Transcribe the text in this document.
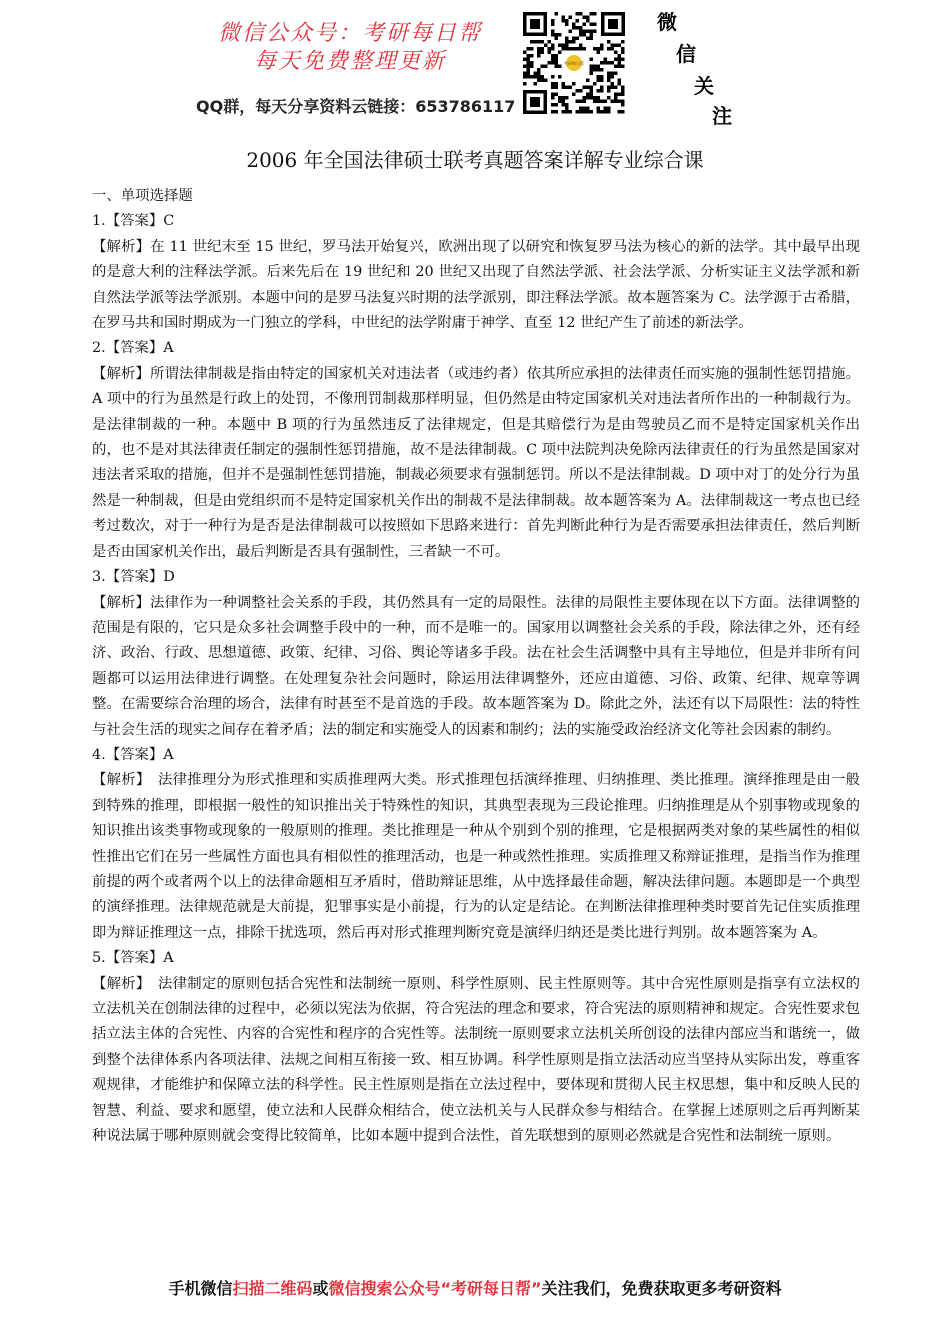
微信公众号：考研每日帮
每天免费整理更新
QQ群，每天分享资料云链接：653786117
考研每日帮
微
信
关
注
2006 年全国法律硕士联考真题答案详解专业综合课

一、单项选择题

1.【答案】C

【解析】在 11 世纪末至 15 世纪，罗马法开始复兴，欧洲出现了以研究和恢复罗马法为核心的新的法学。其中最早出现的是意大利的注释法学派。后来先后在 19 世纪和 20 世纪又出现了自然法学派、社会法学派、分析实证主义法学派和新自然法学派等法学派别。本题中问的是罗马法复兴时期的法学派别，即注释法学派。故本题答案为 C。法学源于古希腊，在罗马共和国时期成为一门独立的学科，中世纪的法学附庸于神学、直至 12 世纪产生了前述的新法学。

2.【答案】A

【解析】所谓法律制裁是指由特定的国家机关对违法者（或违约者）依其所应承担的法律责任而实施的强制性惩罚措施。A 项中的行为虽然是行政上的处罚，不像刑罚制裁那样明显，但仍然是由特定国家机关对违法者所作出的一种制裁行为。是法律制裁的一种。本题中 B 项的行为虽然违反了法律规定，但是其赔偿行为是由驾驶员乙而不是特定国家机关作出的，也不是对其法律责任制定的强制性惩罚措施，故不是法律制裁。C 项中法院判决免除丙法律责任的行为虽然是国家对违法者采取的措施，但并不是强制性惩罚措施，制裁必须要求有强制惩罚。所以不是法律制裁。D 项中对丁的处分行为虽然是一种制裁，但是由党组织而不是特定国家机关作出的制裁不是法律制裁。故本题答案为 A。法律制裁这一考点也已经考过数次，对于一种行为是否是法律制裁可以按照如下思路来进行：首先判断此种行为是否需要承担法律责任，然后判断是否由国家机关作出，最后判断是否具有强制性，三者缺一不可。

3.【答案】D

【解析】法律作为一种调整社会关系的手段，其仍然具有一定的局限性。法律的局限性主要体现在以下方面。法律调整的范围是有限的，它只是众多社会调整手段中的一种，而不是唯一的。国家用以调整社会关系的手段，除法律之外，还有经济、政治、行政、思想道德、政策、纪律、习俗、舆论等诸多手段。法在社会生活调整中具有主导地位，但是并非所有问题都可以运用法律进行调整。在处理复杂社会问题时，除运用法律调整外，还应由道德、习俗、政策、纪律、规章等调整。在需要综合治理的场合，法律有时甚至不是首选的手段。故本题答案为 D。除此之外，法还有以下局限性：法的特性与社会生活的现实之间存在着矛盾；法的制定和实施受人的因素和制约；法的实施受政治经济文化等社会因素的制约。

4.【答案】A

【解析】　法律推理分为形式推理和实质推理两大类。形式推理包括演绎推理、归纳推理、类比推理。演绎推理是由一般到特殊的推理，即根据一般性的知识推出关于特殊性的知识，其典型表现为三段论推理。归纳推理是从个别事物或现象的知识推出该类事物或现象的一般原则的推理。类比推理是一种从个别到个别的推理，它是根据两类对象的某些属性的相似性推出它们在另一些属性方面也具有相似性的推理活动，也是一种或然性推理。实质推理又称辩证推理，是指当作为推理前提的两个或者两个以上的法律命题相互矛盾时，借助辩证思维，从中选择最佳命题，解决法律问题。本题即是一个典型的演绎推理。法律规范就是大前提，犯罪事实是小前提，行为的认定是结论。在判断法律推理种类时要首先记住实质推理即为辩证推理这一点，排除干扰选项，然后再对形式推理判断究竟是演绎归纳还是类比进行判别。故本题答案为 A。

5.【答案】A

【解析】　法律制定的原则包括合宪性和法制统一原则、科学性原则、民主性原则等。其中合宪性原则是指享有立法权的立法机关在创制法律的过程中，必须以宪法为依据，符合宪法的理念和要求，符合宪法的原则精神和规定。合宪性要求包括立法主体的合宪性、内容的合宪性和程序的合宪性等。法制统一原则要求立法机关所创设的法律内部应当和谐统一，做到整个法律体系内各项法律、法规之间相互衔接一致、相互协调。科学性原则是指立法活动应当坚持从实际出发，尊重客观规律，才能维护和保障立法的科学性。民主性原则是指在立法过程中，要体现和贯彻人民主权思想，集中和反映人民的智慧、利益、要求和愿望，使立法和人民群众相结合，使立法机关与人民群众参与相结合。在掌握上述原则之后再判断某种说法属于哪种原则就会变得比较简单，比如本题中提到合法性，首先联想到的原则必然就是合宪性和法制统一原则。

手机微信扫描二维码或微信搜索公众号“考研每日帮”关注我们，免费获取更多考研资料
